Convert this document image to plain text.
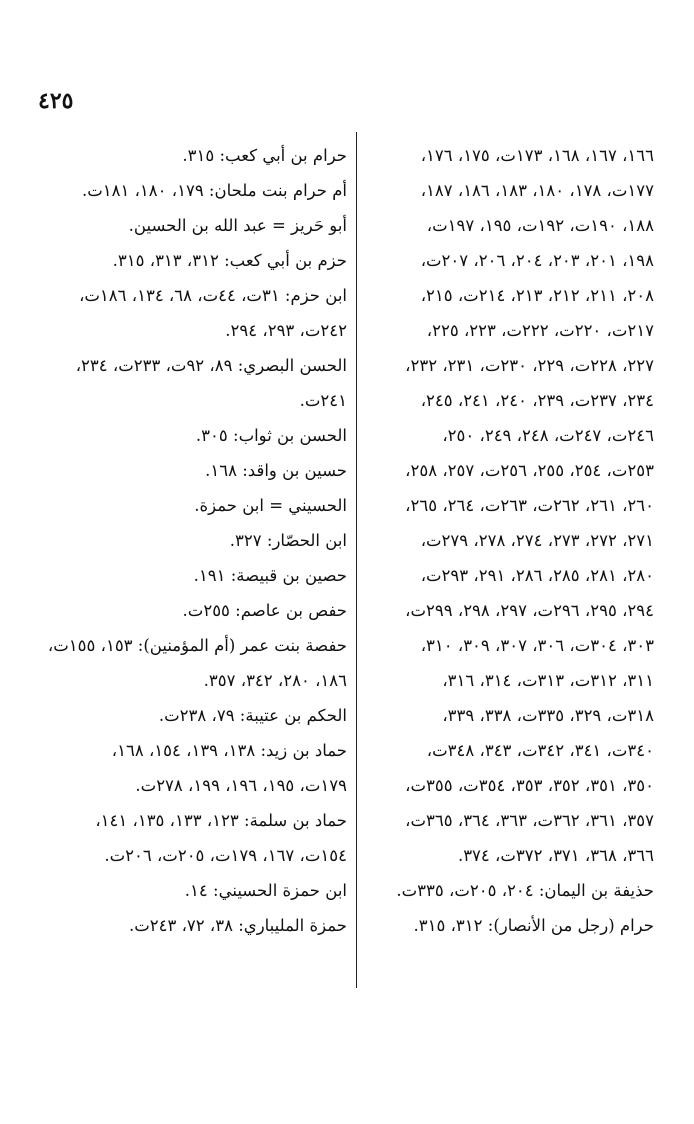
٤٢٥
١٦٦، ١٦٧، ١٦٨، ١٧٣ت، ١٧٥، ١٧٦،
١٧٧ت، ١٧٨، ١٨٠، ١٨٣، ١٨٦، ١٨٧،
١٨٨، ١٩٠ت، ١٩٢ت، ١٩٥، ١٩٧ت،
١٩٨، ٢٠١، ٢٠٣، ٢٠٤، ٢٠٦، ٢٠٧ت،
٢٠٨، ٢١١، ٢١٢، ٢١٣، ٢١٤ت، ٢١٥،
٢١٧ت، ٢٢٠ت، ٢٢٢ت، ٢٢٣، ٢٢٥،
٢٢٧، ٢٢٨ت، ٢٢٩، ٢٣٠ت، ٢٣١، ٢٣٢،
٢٣٤، ٢٣٧ت، ٢٣٩، ٢٤٠، ٢٤١، ٢٤٥،
٢٤٦ت، ٢٤٧ت، ٢٤٨، ٢٤٩، ٢٥٠،
٢٥٣ت، ٢٥٤، ٢٥٥، ٢٥٦ت، ٢٥٧، ٢٥٨،
٢٦٠، ٢٦١، ٢٦٢ت، ٢٦٣ت، ٢٦٤، ٢٦٥،
٢٧١، ٢٧٢، ٢٧٣، ٢٧٤، ٢٧٨، ٢٧٩ت،
٢٨٠، ٢٨١، ٢٨٥، ٢٨٦، ٢٩١، ٢٩٣ت،
٢٩٤، ٢٩٥، ٢٩٦ت، ٢٩٧، ٢٩٨، ٢٩٩ت،
٣٠٣، ٣٠٤ت، ٣٠٦، ٣٠٧، ٣٠٩، ٣١٠،
٣١١، ٣١٢ت، ٣١٣ت، ٣١٤، ٣١٦،
٣١٨ت، ٣٢٩، ٣٣٥ت، ٣٣٨، ٣٣٩،
٣٤٠ت، ٣٤١، ٣٤٢ت، ٣٤٣، ٣٤٨ت،
٣٥٠، ٣٥١، ٣٥٢، ٣٥٣، ٣٥٤ت، ٣٥٥ت،
٣٥٧، ٣٦١، ٣٦٢ت، ٣٦٣، ٣٦٤، ٣٦٥ت،
٣٦٦، ٣٦٨، ٣٧١، ٣٧٢ت، ٣٧٤.
حذيفة بن اليمان: ٢٠٤، ٢٠٥ت، ٣٣٥ت.
حرام (رجل من الأنصار): ٣١٢، ٣١٥.
حرام بن أبي كعب: ٣١٥.
أم حرام بنت ملحان: ١٧٩، ١٨٠، ١٨١ت.
أبو حَريز = عبد الله بن الحسين.
حزم بن أبي كعب: ٣١٢، ٣١٣، ٣١٥.
ابن حزم: ٣١ت، ٤٤ت، ٦٨، ١٣٤، ١٨٦ت،
٢٤٢ت، ٢٩٣، ٢٩٤.
الحسن البصري: ٨٩، ٩٢ت، ٢٣٣ت، ٢٣٤،
٢٤١ت.
الحسن بن ثواب: ٣٠٥.
حسين بن واقد: ١٦٨.
الحسيني = ابن حمزة.
ابن الحصّار: ٣٢٧.
حصين بن قبيصة: ١٩١.
حفص بن عاصم: ٢٥٥ت.
حفصة بنت عمر (أم المؤمنين): ١٥٣، ١٥٥ت،
١٨٦، ٢٨٠، ٣٤٢، ٣٥٧.
الحكم بن عتيبة: ٧٩، ٢٣٨ت.
حماد بن زيد: ١٣٨، ١٣٩، ١٥٤، ١٦٨،
١٧٩ت، ١٩٥، ١٩٦، ١٩٩، ٢٧٨ت.
حماد بن سلمة: ١٢٣، ١٣٣، ١٣٥، ١٤١،
١٥٤ت، ١٦٧، ١٧٩ت، ٢٠٥ت، ٢٠٦ت.
ابن حمزة الحسيني: ١٤.
حمزة المليباري: ٣٨، ٧٢، ٢٤٣ت.
